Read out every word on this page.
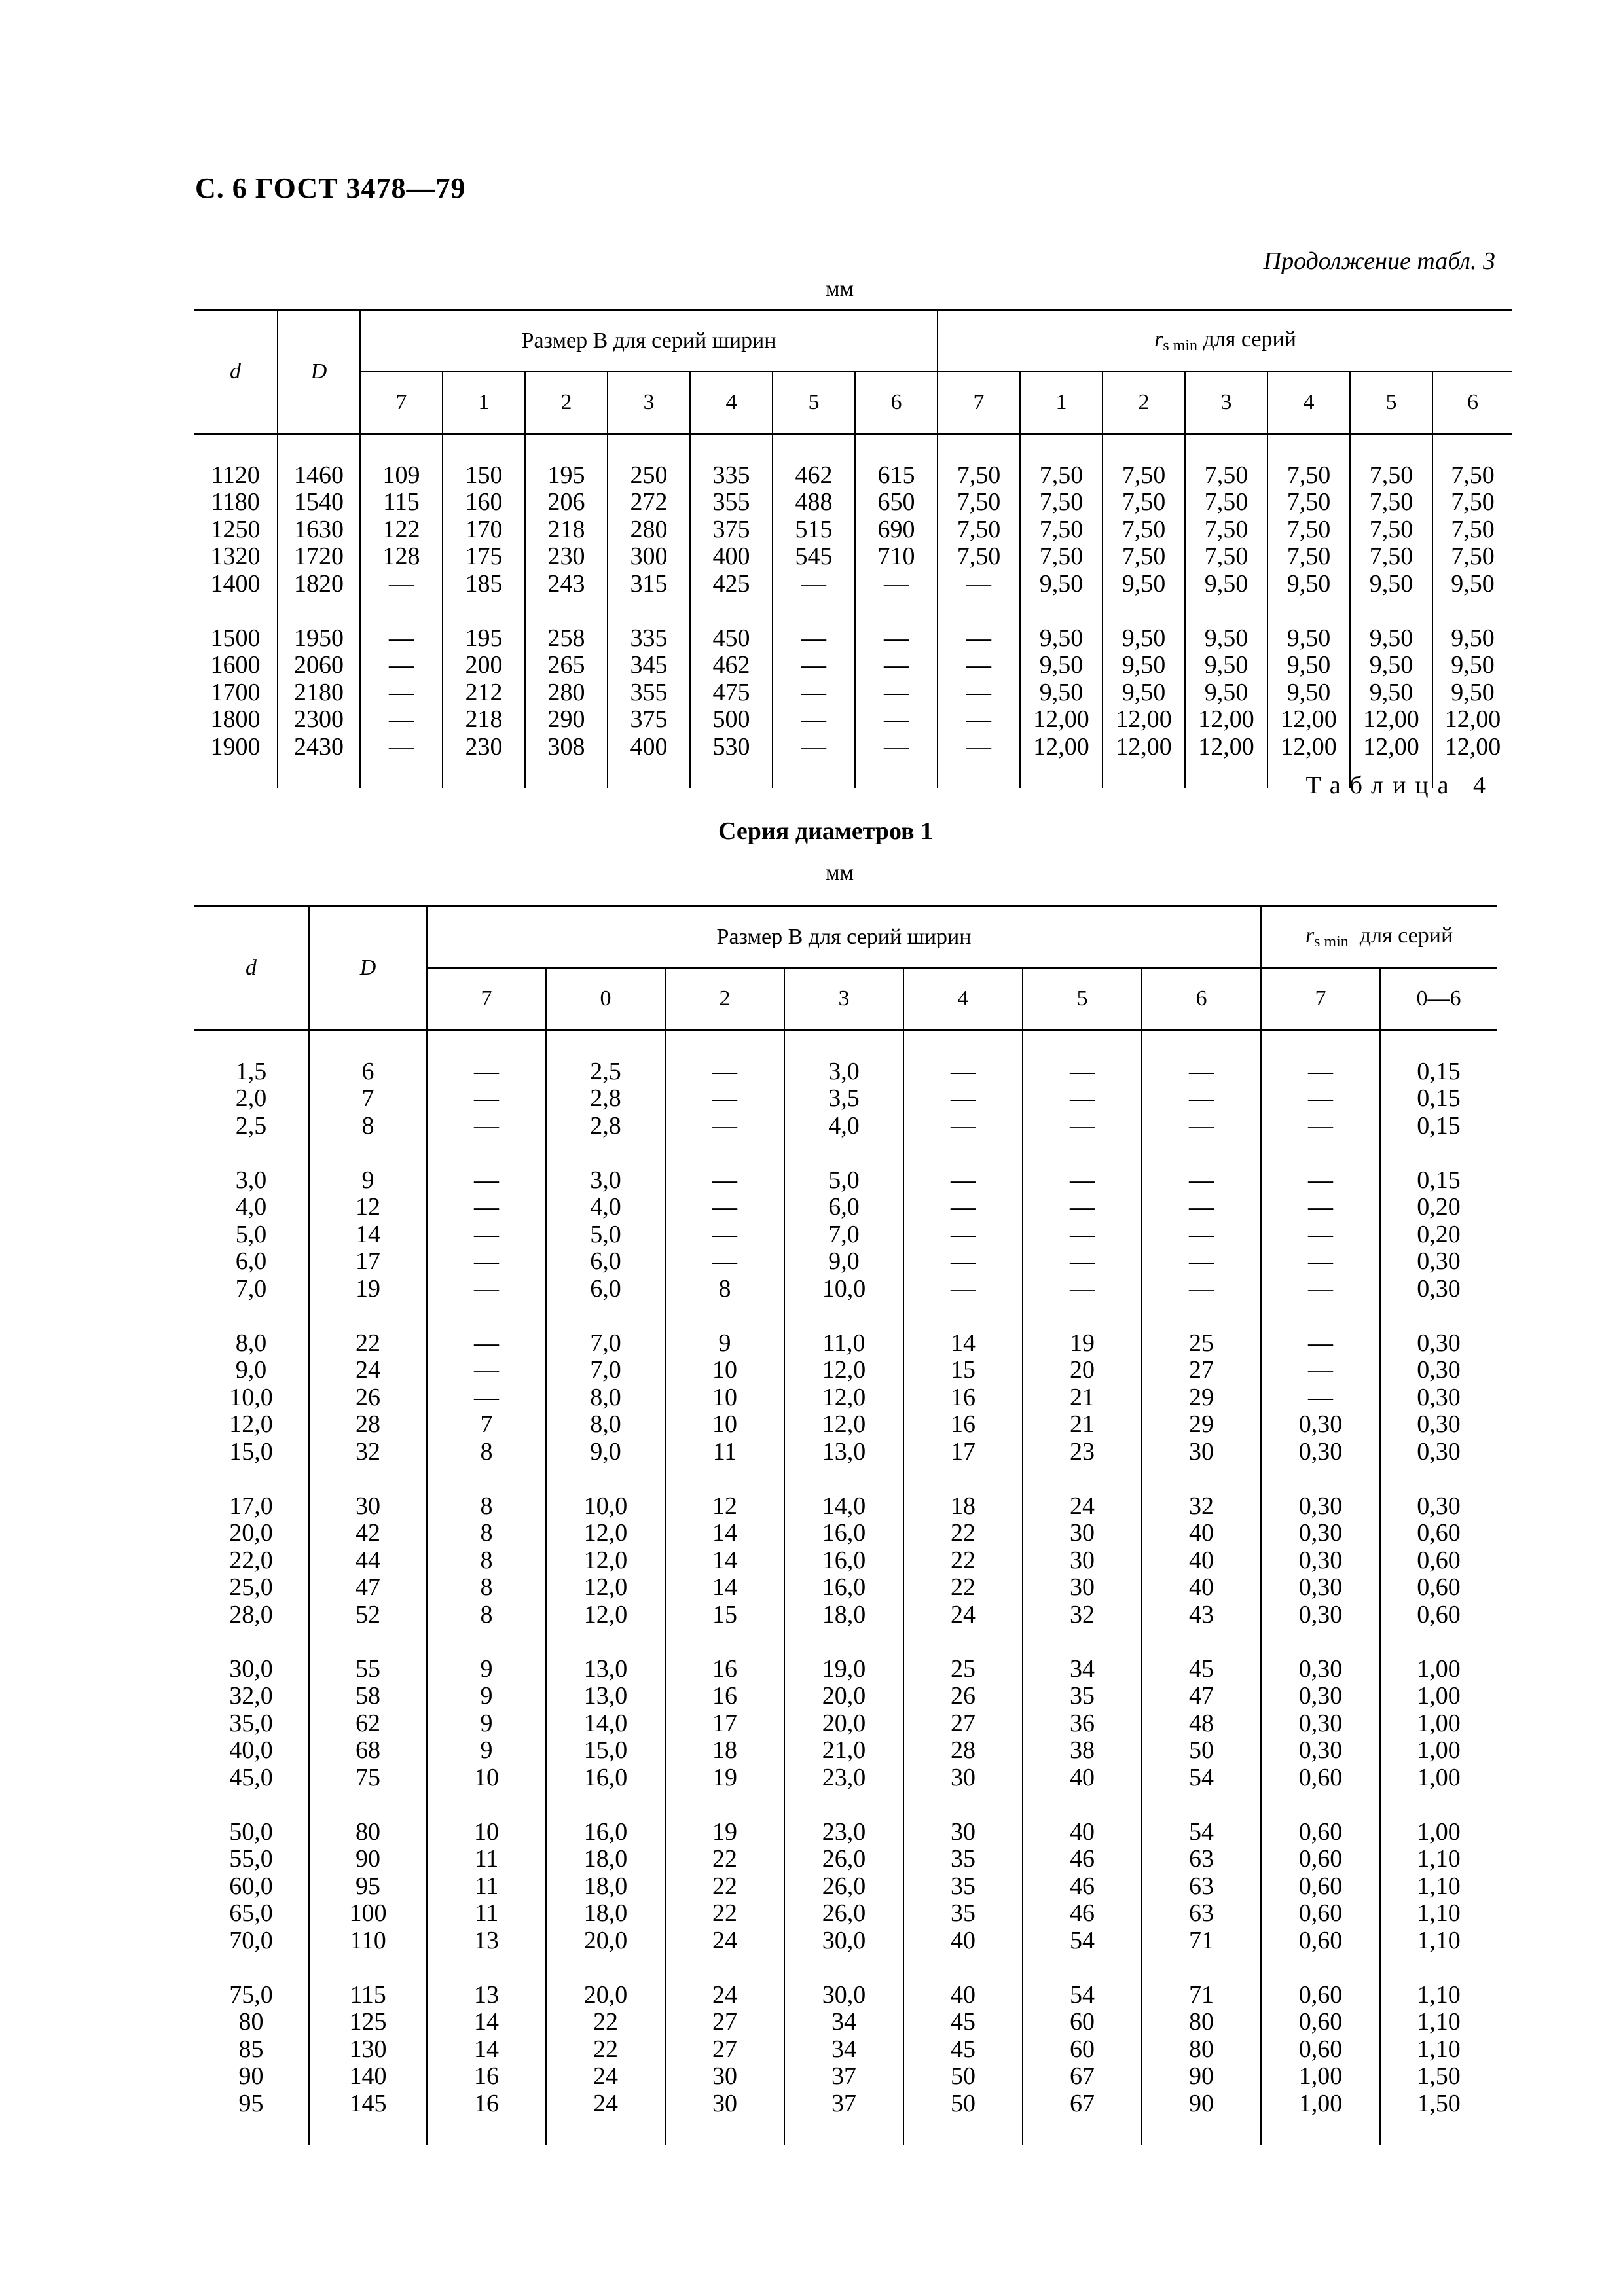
С. 6 ГОСТ 3478—79
Продолжение табл. 3
мм
d	D	Размер B для серий ширин							$r_{s min}$ для серий						
		7	1	2	3	4	5	6	7	1	2	3	4	5	6

1120	1460	109	150	195	250	335	462	615	7,50	7,50	7,50	7,50	7,50	7,50	7,50
1180	1540	115	160	206	272	355	488	650	7,50	7,50	7,50	7,50	7,50	7,50	7,50
1250	1630	122	170	218	280	375	515	690	7,50	7,50	7,50	7,50	7,50	7,50	7,50
1320	1720	128	175	230	300	400	545	710	7,50	7,50	7,50	7,50	7,50	7,50	7,50
1400	1820	—	185	243	315	425	—	—	—	9,50	9,50	9,50	9,50	9,50	9,50

1500	1950	—	195	258	335	450	—	—	—	9,50	9,50	9,50	9,50	9,50	9,50
1600	2060	—	200	265	345	462	—	—	—	9,50	9,50	9,50	9,50	9,50	9,50
1700	2180	—	212	280	355	475	—	—	—	9,50	9,50	9,50	9,50	9,50	9,50
1800	2300	—	218	290	375	500	—	—	—	12,00	12,00	12,00	12,00	12,00	12,00
1900	2430	—	230	308	400	530	—	—	—	12,00	12,00	12,00	12,00	12,00	12,00

Таблица 4
Серия диаметров 1
мм
d	D	Размер B для серий ширин							$r_{s min}$ для серий	
		7	0	2	3	4	5	6	7	0—6

1,5	6	—	2,5	—	3,0	—	—	—	—	0,15
2,0	7	—	2,8	—	3,5	—	—	—	—	0,15
2,5	8	—	2,8	—	4,0	—	—	—	—	0,15

3,0	9	—	3,0	—	5,0	—	—	—	—	0,15
4,0	12	—	4,0	—	6,0	—	—	—	—	0,20
5,0	14	—	5,0	—	7,0	—	—	—	—	0,20
6,0	17	—	6,0	—	9,0	—	—	—	—	0,30
7,0	19	—	6,0	8	10,0	—	—	—	—	0,30

8,0	22	—	7,0	9	11,0	14	19	25	—	0,30
9,0	24	—	7,0	10	12,0	15	20	27	—	0,30
10,0	26	—	8,0	10	12,0	16	21	29	—	0,30
12,0	28	7	8,0	10	12,0	16	21	29	0,30	0,30
15,0	32	8	9,0	11	13,0	17	23	30	0,30	0,30

17,0	30	8	10,0	12	14,0	18	24	32	0,30	0,30
20,0	42	8	12,0	14	16,0	22	30	40	0,30	0,60
22,0	44	8	12,0	14	16,0	22	30	40	0,30	0,60
25,0	47	8	12,0	14	16,0	22	30	40	0,30	0,60
28,0	52	8	12,0	15	18,0	24	32	43	0,30	0,60

30,0	55	9	13,0	16	19,0	25	34	45	0,30	1,00
32,0	58	9	13,0	16	20,0	26	35	47	0,30	1,00
35,0	62	9	14,0	17	20,0	27	36	48	0,30	1,00
40,0	68	9	15,0	18	21,0	28	38	50	0,30	1,00
45,0	75	10	16,0	19	23,0	30	40	54	0,60	1,00

50,0	80	10	16,0	19	23,0	30	40	54	0,60	1,00
55,0	90	11	18,0	22	26,0	35	46	63	0,60	1,10
60,0	95	11	18,0	22	26,0	35	46	63	0,60	1,10
65,0	100	11	18,0	22	26,0	35	46	63	0,60	1,10
70,0	110	13	20,0	24	30,0	40	54	71	0,60	1,10

75,0	115	13	20,0	24	30,0	40	54	71	0,60	1,10
80	125	14	22	27	34	45	60	80	0,60	1,10
85	130	14	22	27	34	45	60	80	0,60	1,10
90	140	16	24	30	37	50	67	90	1,00	1,50
95	145	16	24	30	37	50	67	90	1,00	1,50
